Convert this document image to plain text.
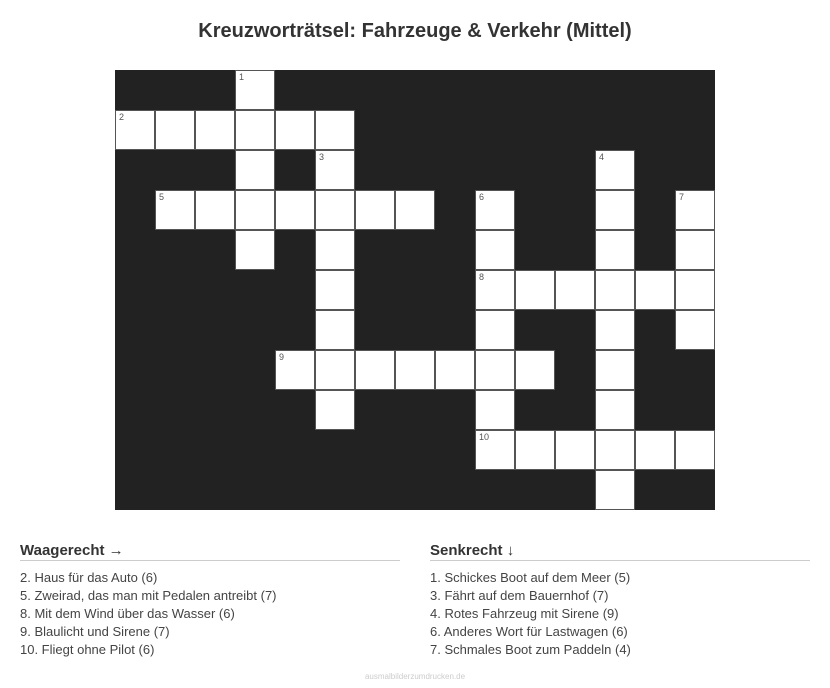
Kreuzworträtsel: Fahrzeuge & Verkehr (Mittel)
1
2
3	4
5	6	7
8
9
10
Waagerecht →
2. Haus für das Auto (6)
5. Zweirad, das man mit Pedalen antreibt (7)
8. Mit dem Wind über das Wasser (6)
9. Blaulicht und Sirene (7)
10. Fliegt ohne Pilot (6)
Senkrecht ↓
1. Schickes Boot auf dem Meer (5)
3. Fährt auf dem Bauernhof (7)
4. Rotes Fahrzeug mit Sirene (9)
6. Anderes Wort für Lastwagen (6)
7. Schmales Boot zum Paddeln (4)
ausmalbilderzumdrucken.de
